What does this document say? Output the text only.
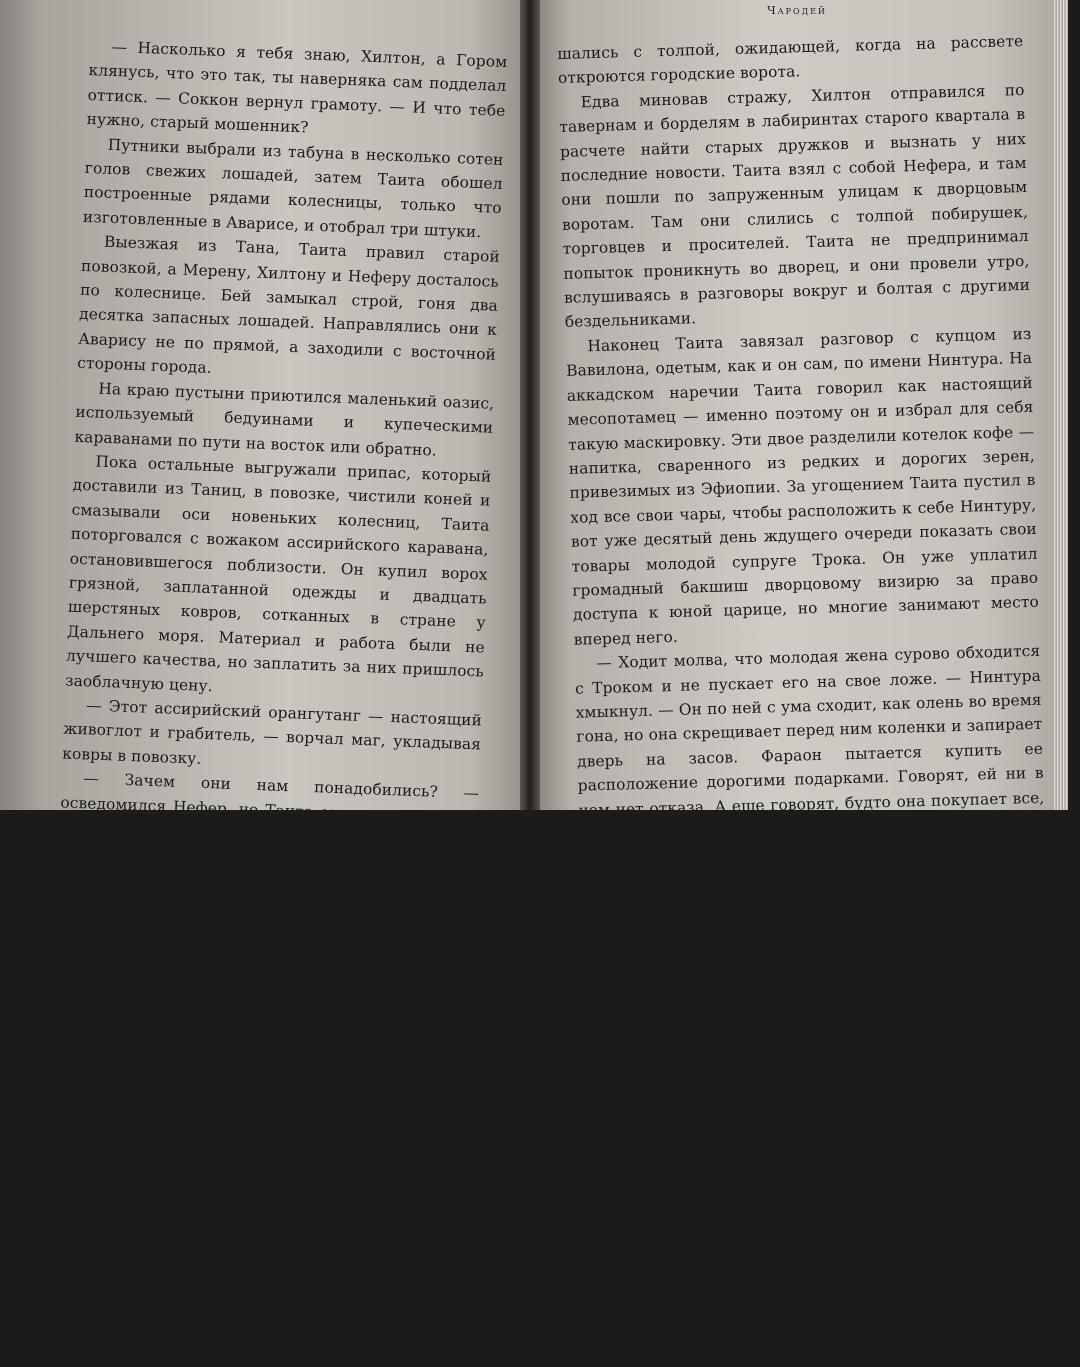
— Насколько я тебя знаю, Хилтон, а Гором клянусь, что это так, ты наверняка сам подделал оттиск. — Соккон вернул грамоту. — И что тебе нужно, старый мошенник?

Путники выбрали из табуна в несколько сотен голов свежих лошадей, затем Таита обошел построенные рядами колесницы, только что изготовленные в Аварисе, и отобрал три штуки.

Выезжая из Тана, Таита правил старой повозкой, а Мерену, Хилтону и Неферу досталось по колеснице. Бей замыкал строй, гоня два десятка запасных лошадей. Направлялись они к Аварису не по прямой, а заходили с восточной стороны города.

На краю пустыни приютился маленький оазис, используемый бедуинами и купеческими караванами по пути на восток или обратно.

Пока остальные выгружали припас, который доставили из Таниц, в повозке, чистили коней и смазывали оси новеньких колесниц, Таита поторговался с вожаком ассирийского каравана, остановившегося поблизости. Он купил ворох грязной, заплатанной одежды и двадцать шерстяных ковров, сотканных в стране у Дальнего моря. Материал и работа были не лучшего качества, но заплатить за них пришлось заоблачную цену.

— Этот ассирийский орангутанг — настоящий живоглот и грабитель, — ворчал маг, укладывая ковры в повозку.

— Зачем они нам понадобились? — осведомился Нефер, но Таита сделал вид, что не слышал вопроса.

Той ночью Таита покрасил свою седую гриву вытяжкой из коры мимозы, чем разительно переменил внешность. Еще затемно, оставив Бея охранять табун и колесницы, путники погрузились в ветхую повозку и, расположившись на куче пыльных ковров, покатили на запад, к Аварису. Одеты они были в выторгованные Таитой лохмотья. Маг облачился в длинный халат с поясом, а нижнюю часть лица укрыл, как это принято среди горожан Ура и в Халдее. Вместе с перекрашенными волосами это сделало его совсем неузнаваемым.

Когда они достигли столицы севера, наступил вечер. За пределами стен существовал постоянный лагерь, где обитали несколько тысяч душ, по большей части нищие, бродячие артисты, чужеземные купцы и разный сброд. Путники заночевали среди них и рано поутру, оставив Мерена присматривать за повозкой, смешались с толпой, ожидающей, когда на рассвете откроются городские ворота.

Чародей

шались с толпой, ожидающей, когда на рассвете откроются городские ворота.

Едва миновав стражу, Хилтон отправился по тавернам и борделям в лабиринтах старого квартала в расчете найти старых дружков и вызнать у них последние новости. Таита взял с собой Неферa, и там они пошли по запруженным улицам к дворцовым воротам. Там они слились с толпой побирушек, торговцев и просителей. Таита не предпринимал попыток проникнуть во дворец, и они провели утро, вслушиваясь в разговоры вокруг и болтая с другими бездельниками.

Наконец Таита завязал разговор с купцом из Вавилона, одетым, как и он сам, по имени Нинтура. На аккадском наречии Таита говорил как настоящий месопотамец — именно поэтому он и избрал для себя такую маскировку. Эти двое разделили котелок кофе — напитка, сваренного из редких и дорогих зерен, привезимых из Эфиопии. За угощением Таита пустил в ход все свои чары, чтобы расположить к себе Нинтуру, вот уже десятый день ждущего очереди показать свои товары молодой супруге Трока. Он уже уплатил громадный бакшиш дворцовому визирю за право доступа к юной царице, но многие занимают место впеpед него.

— Ходит молва, что молодая жена сурово обходится с Троком и не пускает его на свое ложе. — Нинтура хмыкнул. — Он по ней с ума сходит, как олень во время гона, но она скрещивает перед ним коленки и запирает дверь на засов. Фараон пытается купить ее расположение дорогими подарками. Говорят, ей ни в чем нет отказа. А еще говорят, будто она покупает все, что ей предлагают, а потом, просто чтобы позлить мужа, продает за ничтожную часть той суммы, которую вынудила его уплатить, а деньги раздает городским нищим.

Вавилонянин хлопнул себя по коленке и зашелся смехом.

— Болтают, что она раз за разом покупает одни и те же вещи, а он за них платит.

— Где сейчас сам Трок?

— Воюет на юге. Затаптывает очаги восстания. Но стоит ему повернуться спиной, как пламя вспыхивает снова.

— К кому следует мне обратиться, чтобы попасть к этой царице Минтаке?

— К дворцовому визирю. Его зовут Солет. Жирный уродец-кастрат.
